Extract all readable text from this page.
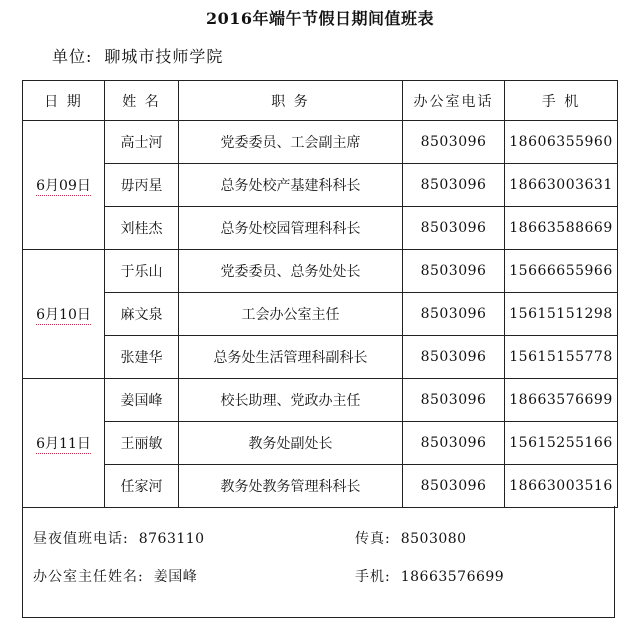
2016年端午节假日期间值班表
单位: 聊城市技师学院
日 期	姓 名	职 务	办公室电话	手 机
6月09日	高士河	党委委员、工会副主席	8503096	18606355960
	毋丙星	总务处校产基建科科长	8503096	18663003631
	刘桂杰	总务处校园管理科科长	8503096	18663588669
6月10日	于乐山	党委委员、总务处处长	8503096	15666655966
	麻文泉	工会办公室主任	8503096	15615151298
	张建华	总务处生活管理科副科长	8503096	15615155778
6月11日	姜国峰	校长助理、党政办主任	8503096	18663576699
	王丽敏	教务处副处长	8503096	15615255166
	任家河	教务处教务管理科科长	8503096	18663003516
昼夜值班电话: 8763110	传真: 8503080
办公室主任姓名: 姜国峰	手机: 18663576699
